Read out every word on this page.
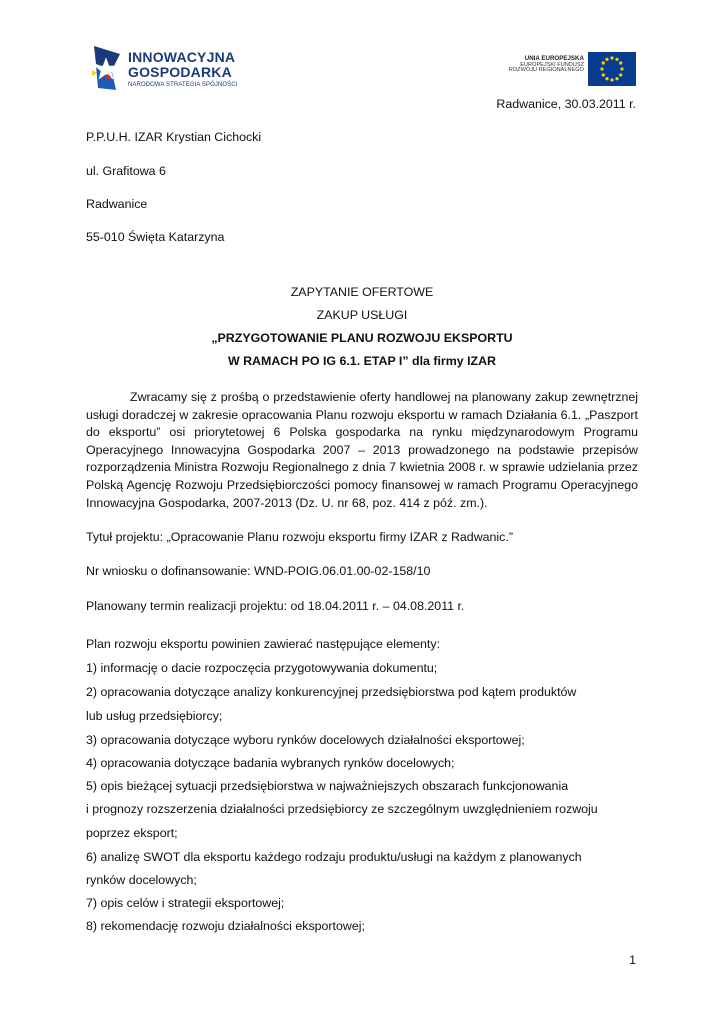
INNOWACYJNA
GOSPODARKA
NARODOWA STRATEGIA SPÓJNOŚCI
UNIA EUROPEJSKA
EUROPEJSKI FUNDUSZ
ROZWOJU REGIONALNEGO
Radwanice, 30.03.2011 r.
P.P.U.H. IZAR Krystian Cichocki
ul. Grafitowa 6
Radwanice
55-010 Święta Katarzyna
ZAPYTANIE OFERTOWE
ZAKUP USŁUGI
„PRZYGOTOWANIE PLANU ROZWOJU EKSPORTU
W RAMACH PO IG 6.1. ETAP I” dla firmy IZAR
Zwracamy się z prośbą o przedstawienie oferty handlowej na planowany zakup zewnętrznej
usługi doradczej w zakresie opracowania Planu rozwoju eksportu w ramach Działania 6.1. „Paszport
do eksportu” osi priorytetowej 6 Polska gospodarka na rynku międzynarodowym Programu
Operacyjnego Innowacyjna Gospodarka 2007 – 2013 prowadzonego na podstawie przepisów
rozporządzenia Ministra Rozwoju Regionalnego z dnia 7 kwietnia 2008 r. w sprawie udzielania przez
Polską Agencję Rozwoju Przedsiębiorczości pomocy finansowej w ramach Programu Operacyjnego
Innowacyjna Gospodarka, 2007-2013 (Dz. U. nr 68, poz. 414 z póź. zm.).
Tytuł projektu: „Opracowanie Planu rozwoju eksportu firmy IZAR z Radwanic.”
Nr wniosku o dofinansowanie: WND-POIG.06.01.00-02-158/10
Planowany termin realizacji projektu: od 18.04.2011 r. – 04.08.2011 r.
Plan rozwoju eksportu powinien zawierać następujące elementy:
1) informację o dacie rozpoczęcia przygotowywania dokumentu;
2) opracowania dotyczące analizy konkurencyjnej przedsiębiorstwa pod kątem produktów
lub usług przedsiębiorcy;
3) opracowania dotyczące wyboru rynków docelowych działalności eksportowej;
4) opracowania dotyczące badania wybranych rynków docelowych;
5) opis bieżącej sytuacji przedsiębiorstwa w najważniejszych obszarach funkcjonowania
i prognozy rozszerzenia działalności przedsiębiorcy ze szczególnym uwzględnieniem rozwoju
poprzez eksport;
6) analizę SWOT dla eksportu każdego rodzaju produktu/usługi na każdym z planowanych
rynków docelowych;
7) opis celów i strategii eksportowej;
8) rekomendację rozwoju działalności eksportowej;
1
